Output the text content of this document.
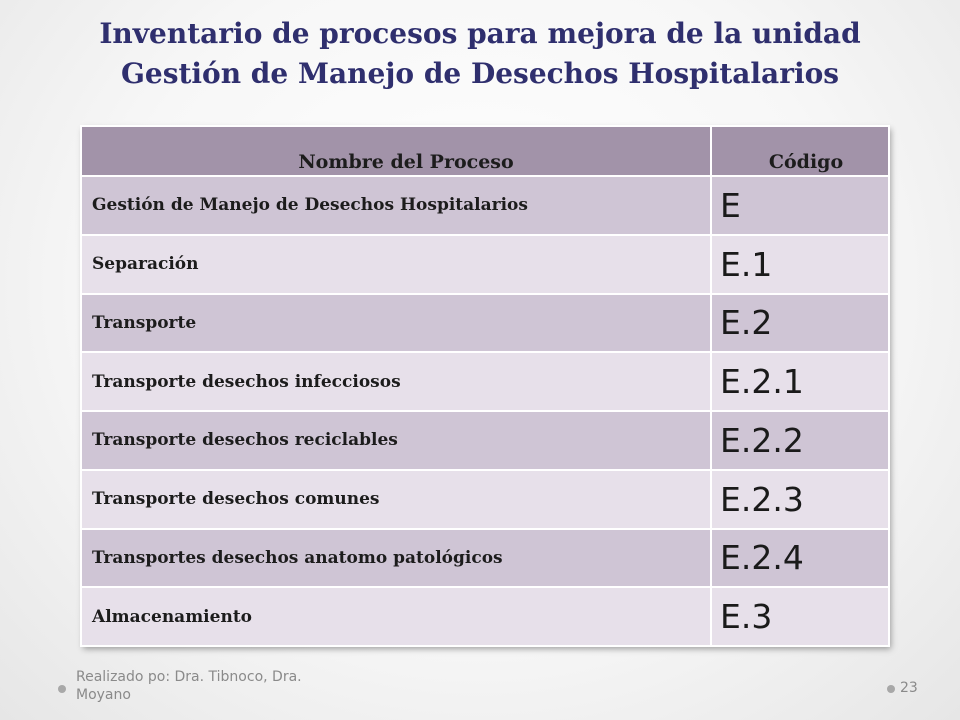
Inventario de procesos para mejora de la unidad
Gestión de Manejo de Desechos Hospitalarios
Nombre del Proceso	Código
Gestión de Manejo de Desechos Hospitalarios	E
Separación	E.1
Transporte	E.2
Transporte desechos infecciosos	E.2.1
Transporte desechos reciclables	E.2.2
Transporte desechos comunes	E.2.3
Transportes desechos anatomo patológicos	E.2.4
Almacenamiento	E.3
Realizado po: Dra. Tibnoco, Dra. Moyano	23
